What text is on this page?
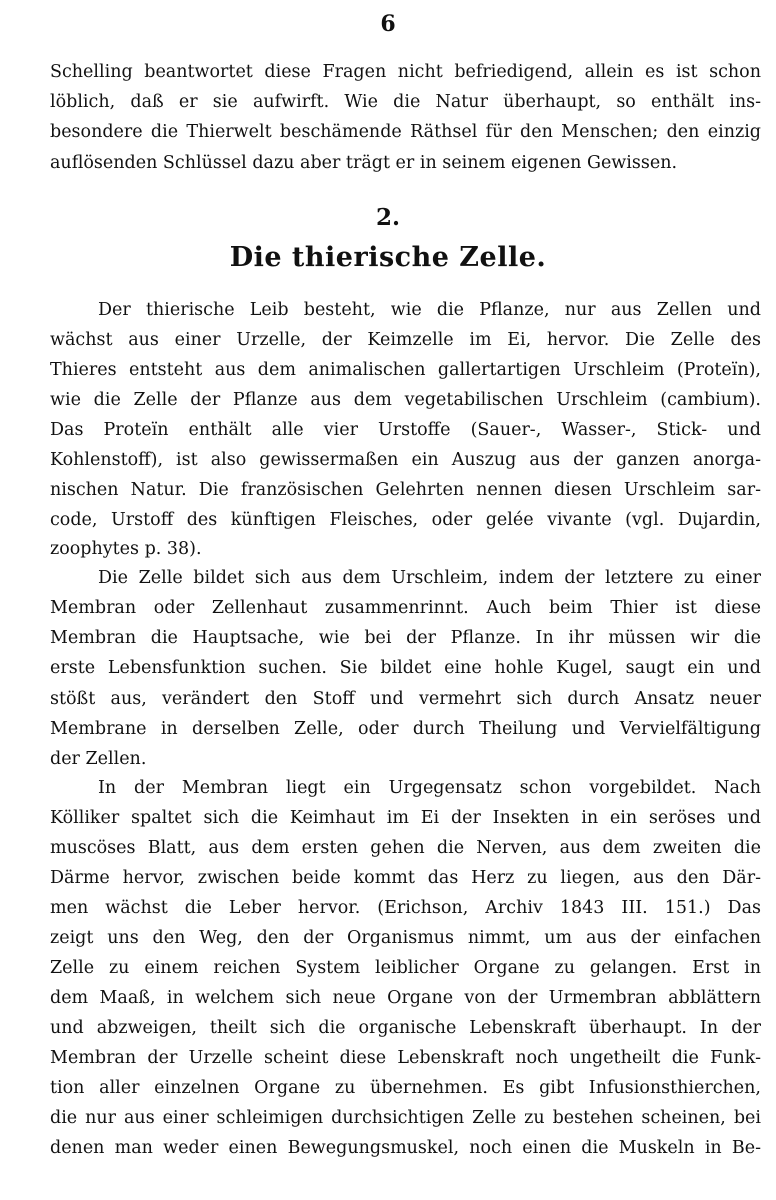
6
Schelling beantwortet diese Fragen nicht befriedigend, allein es ist schon
löblich, daß er sie aufwirft. Wie die Natur überhaupt, so enthält ins-
besondere die Thierwelt beschämende Räthsel für den Menschen; den einzig
auflösenden Schlüssel dazu aber trägt er in seinem eigenen Gewissen.
2.
Die thierische Zelle.
Der thierische Leib besteht, wie die Pflanze, nur aus Zellen und
wächst aus einer Urzelle, der Keimzelle im Ei, hervor. Die Zelle des
Thieres entsteht aus dem animalischen gallertartigen Urschleim (Proteïn),
wie die Zelle der Pflanze aus dem vegetabilischen Urschleim (cambium).
Das Proteïn enthält alle vier Urstoffe (Sauer-, Wasser-, Stick- und
Kohlenstoff), ist also gewissermaßen ein Auszug aus der ganzen anorga-
nischen Natur. Die französischen Gelehrten nennen diesen Urschleim sar-
code, Urstoff des künftigen Fleisches, oder gelée vivante (vgl. Dujardin,
zoophytes p. 38).
Die Zelle bildet sich aus dem Urschleim, indem der letztere zu einer
Membran oder Zellenhaut zusammenrinnt. Auch beim Thier ist diese
Membran die Hauptsache, wie bei der Pflanze. In ihr müssen wir die
erste Lebensfunktion suchen. Sie bildet eine hohle Kugel, saugt ein und
stößt aus, verändert den Stoff und vermehrt sich durch Ansatz neuer
Membrane in derselben Zelle, oder durch Theilung und Vervielfältigung
der Zellen.
In der Membran liegt ein Urgegensatz schon vorgebildet. Nach
Kölliker spaltet sich die Keimhaut im Ei der Insekten in ein seröses und
muscöses Blatt, aus dem ersten gehen die Nerven, aus dem zweiten die
Därme hervor, zwischen beide kommt das Herz zu liegen, aus den Där-
men wächst die Leber hervor. (Erichson, Archiv 1843 III. 151.) Das
zeigt uns den Weg, den der Organismus nimmt, um aus der einfachen
Zelle zu einem reichen System leiblicher Organe zu gelangen. Erst in
dem Maaß, in welchem sich neue Organe von der Urmembran abblättern
und abzweigen, theilt sich die organische Lebenskraft überhaupt. In der
Membran der Urzelle scheint diese Lebenskraft noch ungetheilt die Funk-
tion aller einzelnen Organe zu übernehmen. Es gibt Infusionsthierchen,
die nur aus einer schleimigen durchsichtigen Zelle zu bestehen scheinen, bei
denen man weder einen Bewegungsmuskel, noch einen die Muskeln in Be-
